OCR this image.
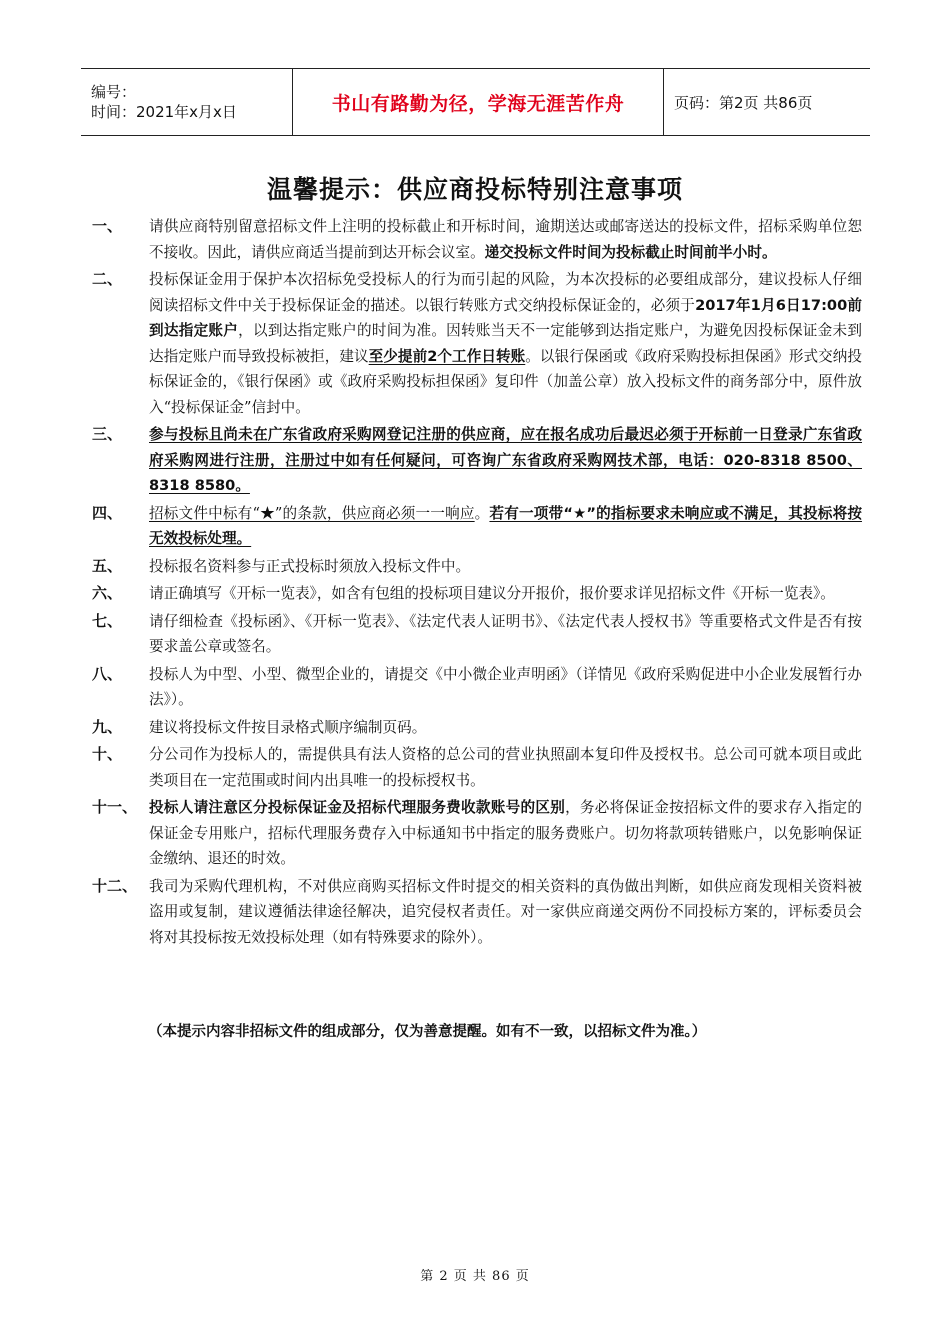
编号：
时间：2021年x月x日	书山有路勤为径，学海无涯苦作舟	页码：第2页 共86页
温馨提示：供应商投标特别注意事项
一、 请供应商特别留意招标文件上注明的投标截止和开标时间，逾期送达或邮寄送达的投标文件，招标采购单位恕不接收。因此，请供应商适当提前到达开标会议室。递交投标文件时间为投标截止时间前半小时。
二、 投标保证金用于保护本次招标免受投标人的行为而引起的风险，为本次投标的必要组成部分，建议投标人仔细阅读招标文件中关于投标保证金的描述。以银行转账方式交纳投标保证金的，必须于2017年1月6日17:00前到达指定账户，以到达指定账户的时间为准。因转账当天不一定能够到达指定账户，为避免因投标保证金未到达指定账户而导致投标被拒，建议至少提前2个工作日转账。以银行保函或《政府采购投标担保函》形式交纳投标保证金的，《银行保函》或《政府采购投标担保函》复印件（加盖公章）放入投标文件的商务部分中，原件放入“投标保证金”信封中。
三、 参与投标且尚未在广东省政府采购网登记注册的供应商，应在报名成功后最迟必须于开标前一日登录广东省政府采购网进行注册，注册过中如有任何疑问，可咨询广东省政府采购网技术部，电话：020-8318 8500、8318 8580。
四、 招标文件中标有“★”的条款，供应商必须一一响应。若有一项带“★”的指标要求未响应或不满足，其投标将按无效投标处理。
五、 投标报名资料参与正式投标时须放入投标文件中。
六、 请正确填写《开标一览表》，如含有包组的投标项目建议分开报价，报价要求详见招标文件《开标一览表》。
七、 请仔细检查《投标函》、《开标一览表》、《法定代表人证明书》、《法定代表人授权书》等重要格式文件是否有按要求盖公章或签名。
八、 投标人为中型、小型、微型企业的，请提交《中小微企业声明函》（详情见《政府采购促进中小企业发展暂行办法》）。
九、 建议将投标文件按目录格式顺序编制页码。
十、 分公司作为投标人的，需提供具有法人资格的总公司的营业执照副本复印件及授权书。总公司可就本项目或此类项目在一定范围或时间内出具唯一的投标授权书。
十一、 投标人请注意区分投标保证金及招标代理服务费收款账号的区别，务必将保证金按招标文件的要求存入指定的保证金专用账户，招标代理服务费存入中标通知书中指定的服务费账户。切勿将款项转错账户，以免影响保证金缴纳、退还的时效。
十二、 我司为采购代理机构，不对供应商购买招标文件时提交的相关资料的真伪做出判断，如供应商发现相关资料被盗用或复制，建议遵循法律途径解决，追究侵权者责任。对一家供应商递交两份不同投标方案的，评标委员会将对其投标按无效投标处理（如有特殊要求的除外）。
（本提示内容非招标文件的组成部分，仅为善意提醒。如有不一致，以招标文件为准。）
第 2 页 共 86 页
